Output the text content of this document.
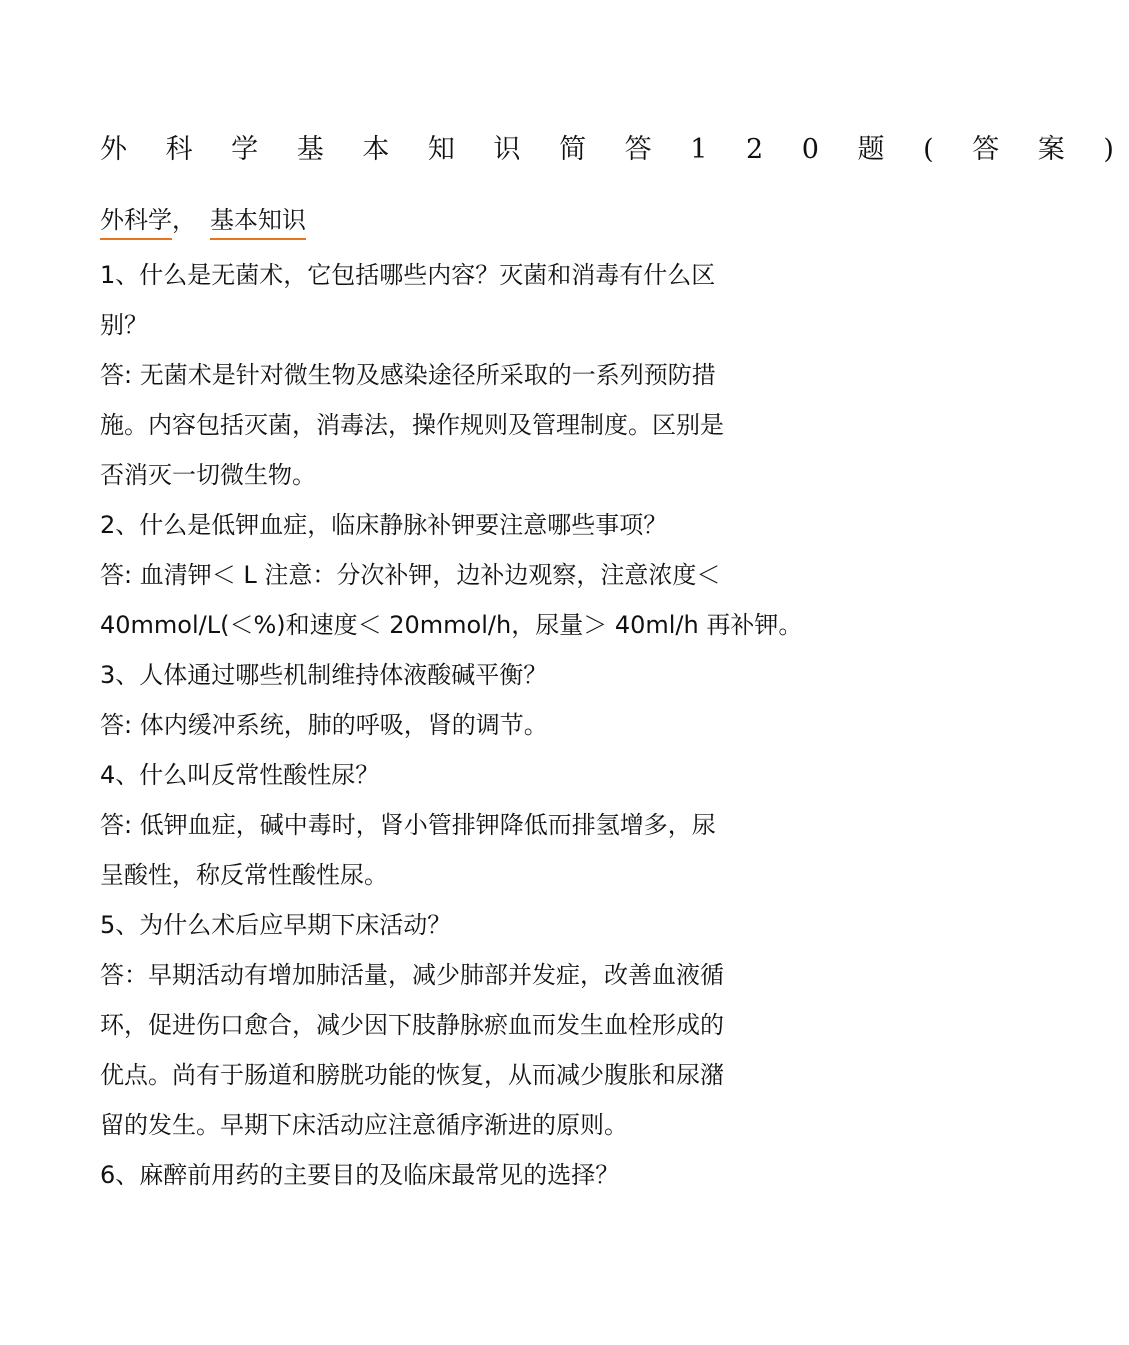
外 科 学 基 本 知 识 简 答 1 2 0 题 ( 答 案 )
外科学， 基本知识
1、什么是无菌术，它包括哪些内容？灭菌和消毒有什么区
别？
答: 无菌术是针对微生物及感染途径所采取的一系列预防措
施。内容包括灭菌，消毒法，操作规则及管理制度。区别是
否消灭一切微生物。
2、什么是低钾血症，临床静脉补钾要注意哪些事项？
答: 血清钾＜ L 注意：分次补钾，边补边观察，注意浓度＜
40mmol/L(＜%)和速度＜ 20mmol/h，尿量＞ 40ml/h 再补钾。
3、人体通过哪些机制维持体液酸碱平衡？
答: 体内缓冲系统，肺的呼吸，肾的调节。
4、什么叫反常性酸性尿？
答: 低钾血症，碱中毒时，肾小管排钾降低而排氢增多，尿
呈酸性，称反常性酸性尿。
5、为什么术后应早期下床活动？
答：早期活动有增加肺活量，减少肺部并发症，改善血液循
环，促进伤口愈合，减少因下肢静脉瘀血而发生血栓形成的
优点。尚有于肠道和膀胱功能的恢复，从而减少腹胀和尿潴
留的发生。早期下床活动应注意循序渐进的原则。
6、麻醉前用药的主要目的及临床最常见的选择？
